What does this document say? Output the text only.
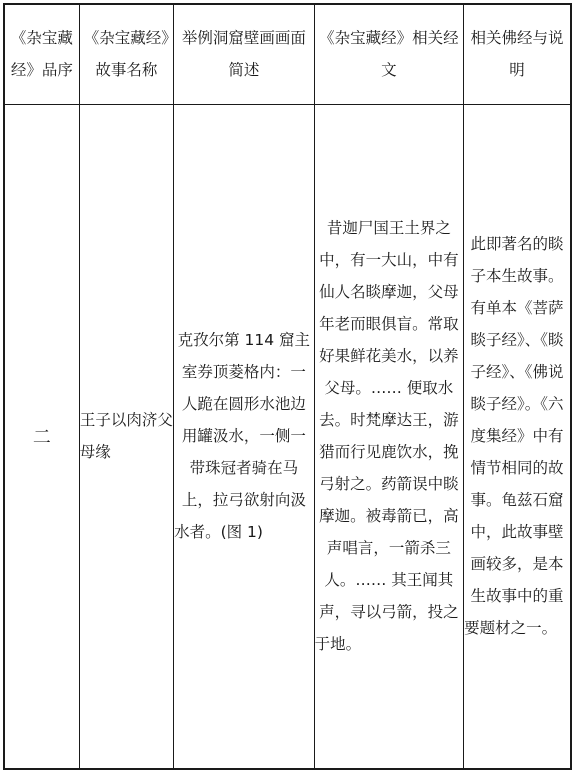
《杂宝藏经》品序	《杂宝藏经》故事名称	举例洞窟壁画画面简述	《杂宝藏经》相关经文	相关佛经与说明
二	王子以肉济父母缘	克孜尔第 114 窟主室券顶菱格内：一人跪在圆形水池边用罐汲水，一侧一带珠冠者骑在马上，拉弓欲射向汲水者。(图 1)	昔迦尸国王土界之中，有一大山，中有仙人名睒摩迦，父母年老而眼俱盲。常取好果鲜花美水，以养父母。…… 便取水去。时梵摩达王，游猎而行见鹿饮水，挽弓射之。药箭误中睒摩迦。被毒箭已，高声唱言，一箭杀三人。…… 其王闻其声，寻以弓箭，投之于地。	此即著名的睒子本生故事。有单本《菩萨睒子经》、《睒子经》、《佛说睒子经》。《六度集经》中有情节相同的故事。龟兹石窟中，此故事壁画较多，是本生故事中的重要题材之一。
